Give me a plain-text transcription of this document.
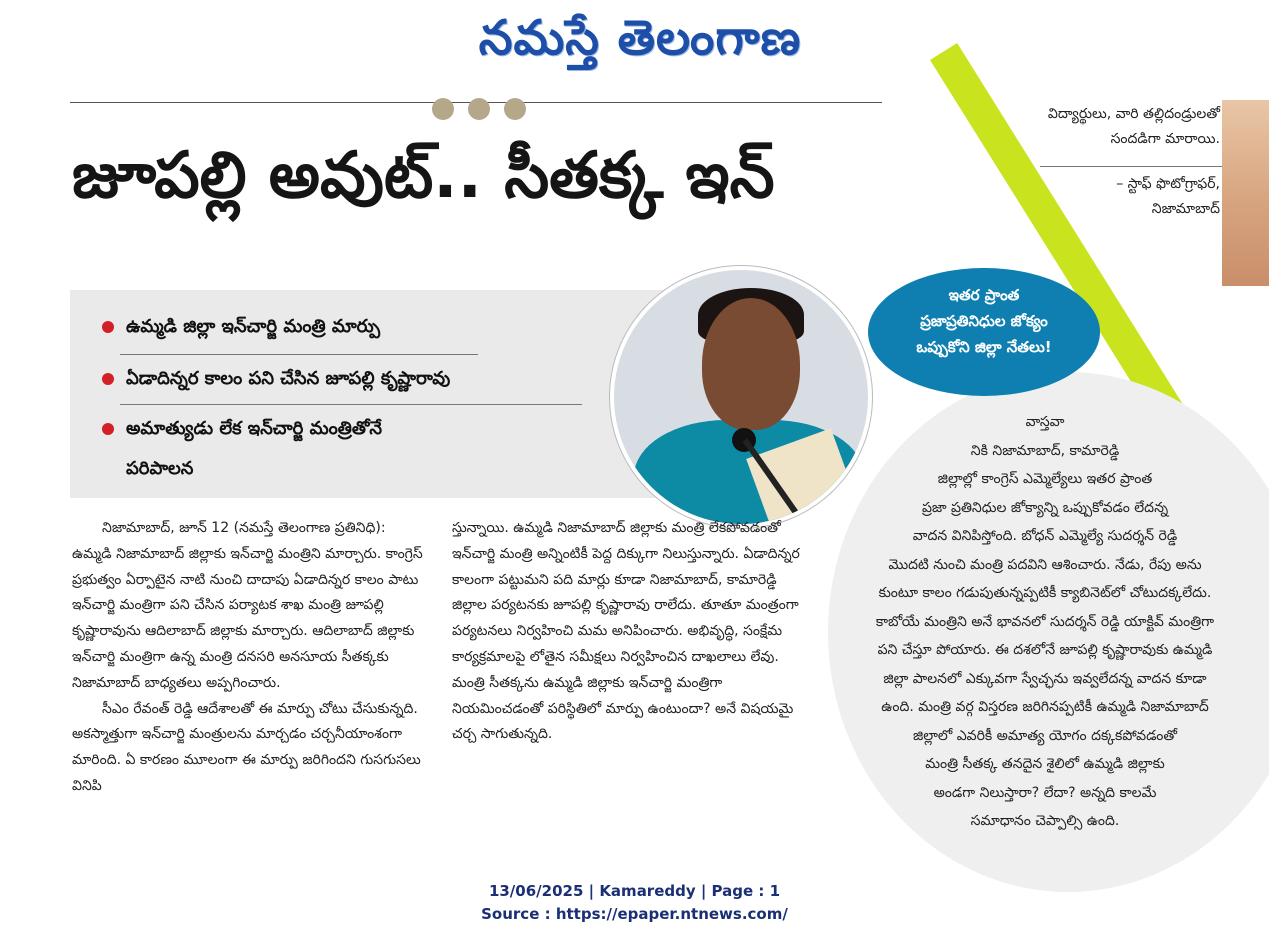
నమస్తే తెలంగాణ
జూపల్లి అవుట్.. సీతక్క ఇన్
విద్యార్థులు, వారి తల్లిదండ్రులతో
సందడిగా మారాయి.
– స్టాఫ్ ఫొటోగ్రాఫర్,
నిజామాబాద్
ఉమ్మడి జిల్లా ఇన్‌చార్జి మంత్రి మార్పు
ఏడాదిన్నర కాలం పని చేసిన జూపల్లి కృష్ణారావు
అమాత్యుడు లేక ఇన్‌చార్జి మంత్రితోనే
పరిపాలన
ఇతర ప్రాంత
ప్రజాప్రతినిధుల జోక్యం
ఒప్పుకోని జిల్లా నేతలు!
వాస్తవా
నికి నిజామాబాద్, కామారెడ్డి
జిల్లాల్లో కాంగ్రెస్ ఎమ్మెల్యేలు ఇతర ప్రాంత
ప్రజా ప్రతినిధుల జోక్యాన్ని ఒప్పుకోవడం లేదన్న
వాదన వినిపిస్తోంది. బోధన్ ఎమ్మెల్యే సుదర్శన్ రెడ్డి
మొదటి నుంచి మంత్రి పదవిని ఆశించారు. నేడు, రేపు అను
కుంటూ కాలం గడుపుతున్నప్పటికీ క్యాబినెట్‌లో చోటుదక్కలేదు.
కాబోయే మంత్రిని అనే భావనలో సుదర్శన్ రెడ్డి యాక్టివ్ మంత్రిగా
పని చేస్తూ పోయారు. ఈ దశలోనే జూపల్లి కృష్ణారావుకు ఉమ్మడి
జిల్లా పాలనలో ఎక్కువగా స్వేచ్ఛను ఇవ్వలేదన్న వాదన కూడా
ఉంది. మంత్రి వర్గ విస్తరణ జరిగినప్పటికీ ఉమ్మడి నిజామాబాద్
జిల్లాలో ఎవరికీ అమాత్య యోగం దక్కకపోవడంతో
మంత్రి సీతక్క తనదైన శైలిలో ఉమ్మడి జిల్లాకు
అండగా నిలుస్తారా? లేదా? అన్నది కాలమే
సమాధానం చెప్పాల్సి ఉంది.

నిజామాబాద్, జూన్ 12 (నమస్తే తెలంగాణ ప్రతినిధి): ఉమ్మడి నిజామాబాద్ జిల్లాకు ఇన్‌చార్జి మంత్రిని మార్చారు. కాంగ్రెస్ ప్రభుత్వం ఏర్పాటైన నాటి నుంచి దాదాపు ఏడాదిన్నర కాలం పాటు ఇన్‌చార్జి మంత్రిగా పని చేసిన పర్యాటక శాఖ మంత్రి జూపల్లి కృష్ణారావును ఆదిలాబాద్ జిల్లాకు మార్చారు. ఆదిలాబాద్ జిల్లాకు ఇన్‌చార్జి మంత్రిగా ఉన్న మంత్రి దనసరి అనసూయ సీతక్కకు నిజామాబాద్ బాధ్యతలు అప్పగించారు.

సీఎం రేవంత్ రెడ్డి ఆదేశాలతో ఈ మార్పు చోటు చేసుకున్నది. అకస్మాత్తుగా ఇన్‌చార్జి మంత్రులను మార్చడం చర్చనీయాంశంగా మారింది. ఏ కారణం మూలంగా ఈ మార్పు జరిగిందని గుసగుసలు వినిపి

స్తున్నాయి. ఉమ్మడి నిజామాబాద్ జిల్లాకు మంత్రి లేకపోవడంతో ఇన్‌చార్జి మంత్రి అన్నింటికీ పెద్ద దిక్కుగా నిలుస్తున్నారు. ఏడాదిన్నర కాలంగా పట్టుమని పది మార్లు కూడా నిజామాబాద్, కామారెడ్డి జిల్లాల పర్యటనకు జూపల్లి కృష్ణారావు రాలేదు. తూతూ మంత్రంగా పర్యటనలు నిర్వహించి మమ అనిపించారు. అభివృద్ధి, సంక్షేమ కార్యక్రమాలపై లోతైన సమీక్షలు నిర్వహించిన దాఖలాలు లేవు. మంత్రి సీతక్కను ఉమ్మడి జిల్లాకు ఇన్‌చార్జి మంత్రిగా నియమించడంతో పరిస్థితిలో మార్పు ఉంటుందా? అనే విషయమై చర్చ సాగుతున్నది.

13/06/2025 | Kamareddy | Page : 1
Source : https://epaper.ntnews.com/
